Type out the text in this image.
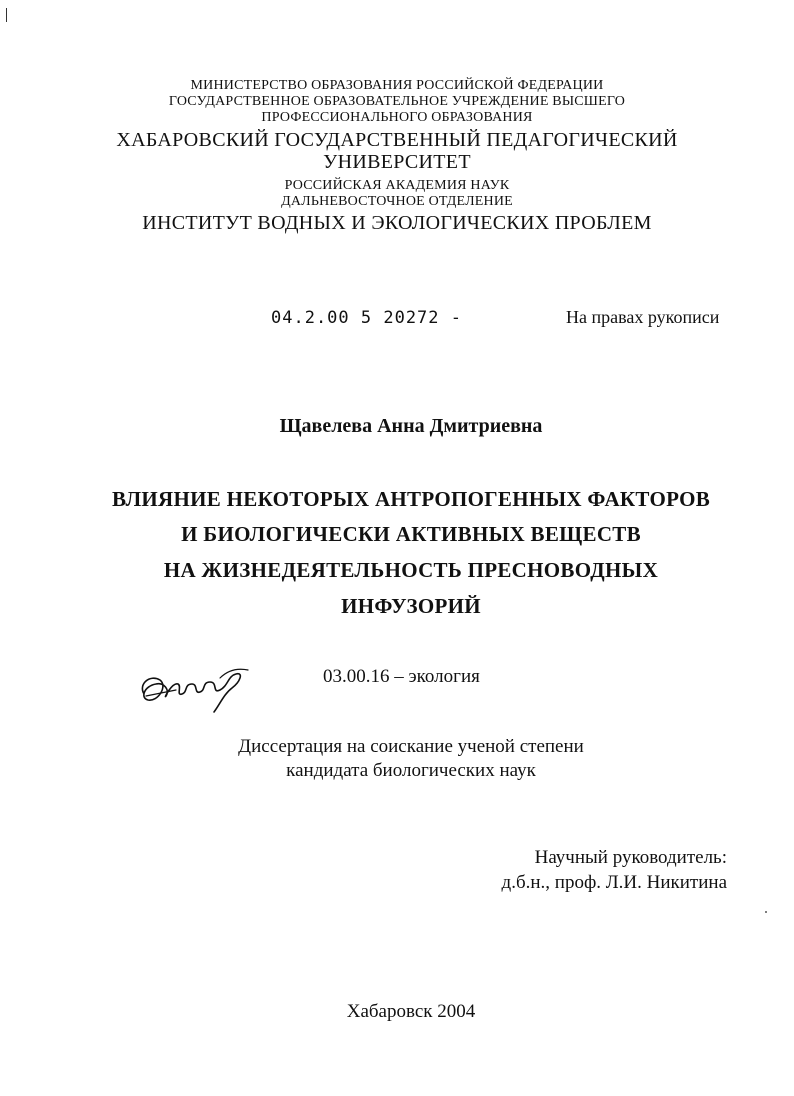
МИНИСТЕРСТВО ОБРАЗОВАНИЯ РОССИЙСКОЙ ФЕДЕРАЦИИ
ГОСУДАРСТВЕННОЕ ОБРАЗОВАТЕЛЬНОЕ УЧРЕЖДЕНИЕ ВЫСШЕГО
ПРОФЕССИОНАЛЬНОГО ОБРАЗОВАНИЯ
ХАБАРОВСКИЙ ГОСУДАРСТВЕННЫЙ ПЕДАГОГИЧЕСКИЙ
УНИВЕРСИТЕТ
РОССИЙСКАЯ АКАДЕМИЯ НАУК
ДАЛЬНЕВОСТОЧНОЕ ОТДЕЛЕНИЕ
ИНСТИТУТ ВОДНЫХ И ЭКОЛОГИЧЕСКИХ ПРОБЛЕМ
04.2.00 5 20272 -	На правах рукописи
Щавелева Анна Дмитриевна
ВЛИЯНИЕ НЕКОТОРЫХ АНТРОПОГЕННЫХ ФАКТОРОВ
И БИОЛОГИЧЕСКИ АКТИВНЫХ ВЕЩЕСТВ
НА ЖИЗНЕДЕЯТЕЛЬНОСТЬ ПРЕСНОВОДНЫХ
ИНФУЗОРИЙ
03.00.16 – экология
Диссертация на соискание ученой степени
кандидата биологических наук
Научный руководитель:
д.б.н., проф. Л.И. Никитина
Хабаровск 2004
